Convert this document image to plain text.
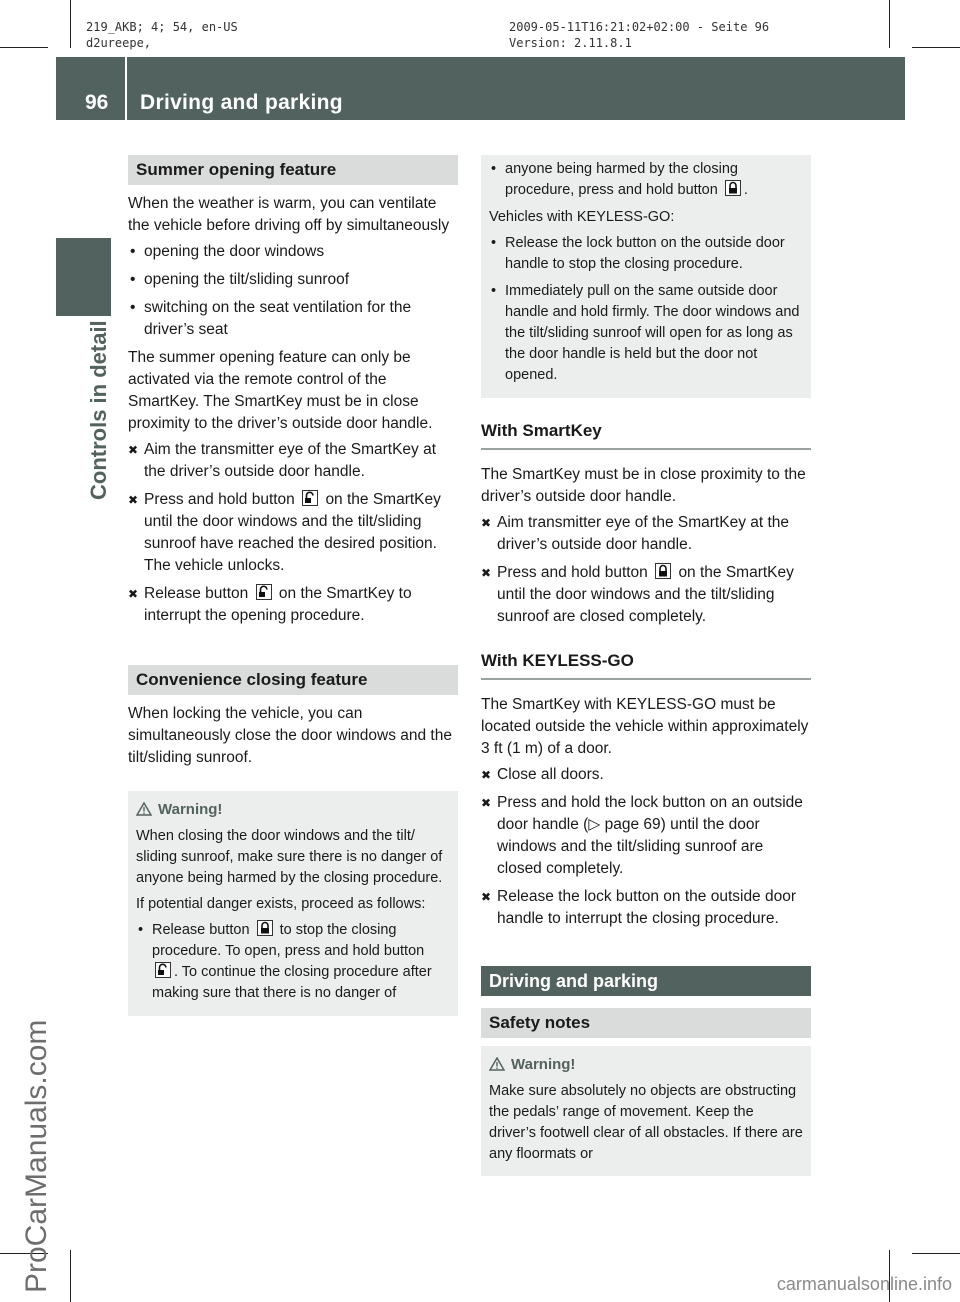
219_AKB; 4; 54, en-US
d2ureepe,
2009-05-11T16:21:02+02:00 - Seite 96
Version: 2.11.8.1
96 Driving and parking
Controls in detail
ProCarManuals.com	carmanualsonline.info
Summer opening feature

When the weather is warm, you can ventilate the vehicle before driving off by simultaneously

• opening the door windows
• opening the tilt/sliding sunroof
• switching on the seat ventilation for the driver’s seat

The summer opening feature can only be activated via the remote control of the SmartKey. The SmartKey must be in close proximity to the driver’s outside door handle.

✖ Aim the transmitter eye of the SmartKey at the driver’s outside door handle.
✖ Press and hold button on the SmartKey until the door windows and the tilt/sliding sunroof have reached the desired position.
The vehicle unlocks.
✖ Release button on the SmartKey to interrupt the opening procedure.
Convenience closing feature

When locking the vehicle, you can simultaneously close the door windows and the tilt/sliding sunroof.

Warning!

When closing the door windows and the tilt/ sliding sunroof, make sure there is no danger of anyone being harmed by the closing procedure.

If potential danger exists, proceed as follows:

• Release button to stop the closing procedure. To open, press and hold button . To continue the closing procedure after making sure that there is no danger of
• anyone being harmed by the closing procedure, press and hold button .

Vehicles with KEYLESS-GO:

• Release the lock button on the outside door handle to stop the closing procedure.
• Immediately pull on the same outside door handle and hold firmly. The door windows and the tilt/sliding sunroof will open for as long as the door handle is held but the door not opened.
With SmartKey

The SmartKey must be in close proximity to the driver’s outside door handle.

✖ Aim transmitter eye of the SmartKey at the driver’s outside door handle.
✖ Press and hold button on the SmartKey until the door windows and the tilt/sliding sunroof are closed completely.
With KEYLESS-GO

The SmartKey with KEYLESS-GO must be located outside the vehicle within approximately 3 ft (1 m) of a door.

✖ Close all doors.
✖ Press and hold the lock button on an outside door handle (▷ page 69) until the door windows and the tilt/sliding sunroof are closed completely.
✖ Release the lock button on the outside door handle to interrupt the closing procedure.
Driving and parking
Safety notes
Warning!

Make sure absolutely no objects are obstructing the pedals’ range of movement. Keep the driver’s footwell clear of all obstacles. If there are any floormats or
